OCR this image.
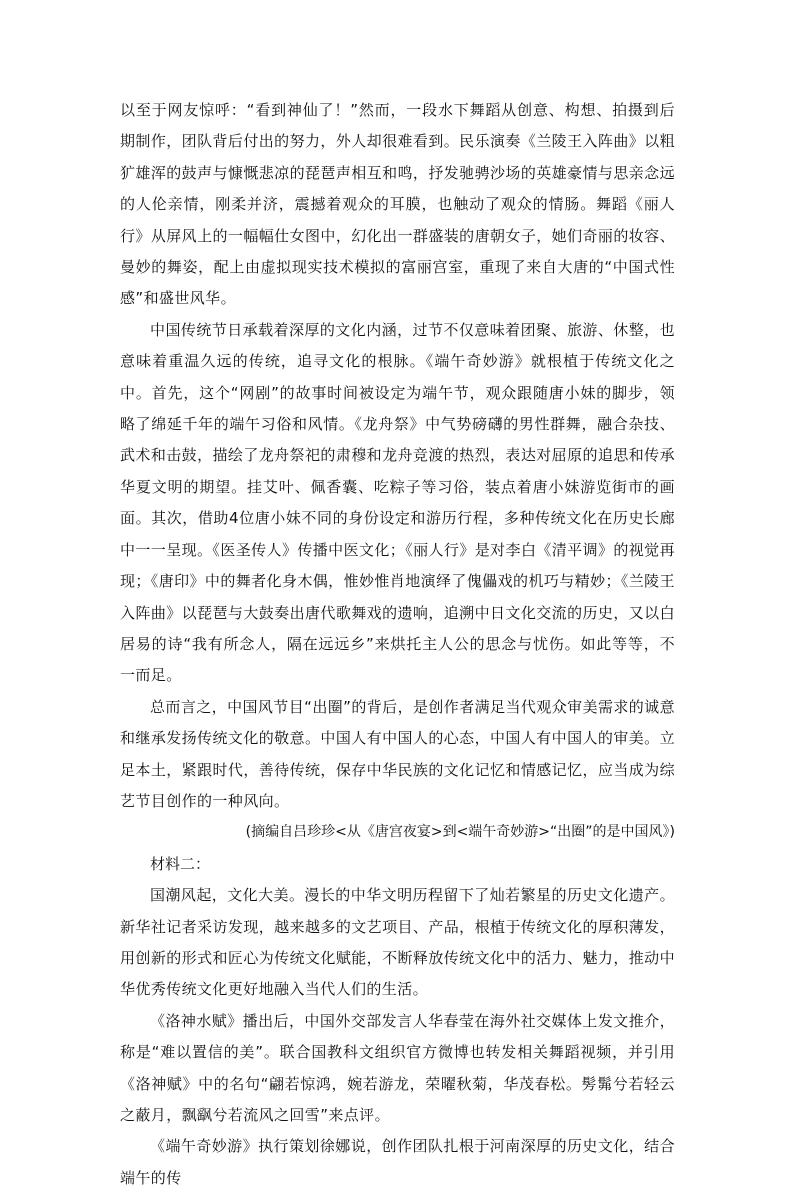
以至于网友惊呼：“看到神仙了！”然而，一段水下舞蹈从创意、构想、拍摄到后期制作，团队背后付出的努力，外人却很难看到。民乐演奏《兰陵王入阵曲》以粗犷雄浑的鼓声与慷慨悲凉的琵琶声相互和鸣，抒发驰骋沙场的英雄豪情与思亲念远的人伦亲情，刚柔并济，震撼着观众的耳膜，也触动了观众的情肠。舞蹈《丽人行》从屏风上的一幅幅仕女图中，幻化出一群盛装的唐朝女子，她们奇丽的妆容、曼妙的舞姿，配上由虚拟现实技术模拟的富丽宫室，重现了来自大唐的“中国式性感”和盛世风华。

中国传统节日承载着深厚的文化内涵，过节不仅意味着团聚、旅游、休整，也意味着重温久远的传统，追寻文化的根脉。《端午奇妙游》就根植于传统文化之中。首先，这个“网剧”的故事时间被设定为端午节，观众跟随唐小妹的脚步，领略了绵延千年的端午习俗和风情。《龙舟祭》中气势磅礴的男性群舞，融合杂技、武术和击鼓，描绘了龙舟祭祀的肃穆和龙舟竞渡的热烈，表达对屈原的追思和传承华夏文明的期望。挂艾叶、佩香囊、吃粽子等习俗，装点着唐小妹游览街市的画面。其次，借助4位唐小妹不同的身份设定和游历行程，多种传统文化在历史长廊中一一呈现。《医圣传人》传播中医文化；《丽人行》是对李白《清平调》的视觉再现；《唐印》中的舞者化身木偶，惟妙惟肖地演绎了傀儡戏的机巧与精妙；《兰陵王入阵曲》以琵琶与大鼓奏出唐代歌舞戏的遗响，追溯中日文化交流的历史，又以白居易的诗“我有所念人，隔在远远乡”来烘托主人公的思念与忧伤。如此等等，不一而足。

总而言之，中国风节目“出圈”的背后，是创作者满足当代观众审美需求的诚意和继承发扬传统文化的敬意。中国人有中国人的心态，中国人有中国人的审美。立足本土，紧跟时代，善待传统，保存中华民族的文化记忆和情感记忆，应当成为综艺节目创作的一种风向。

(摘编自吕珍珍<从《唐宫夜宴>到<端午奇妙游>“出圈”的是中国风》)

材料二：

国潮风起，文化大美。漫长的中华文明历程留下了灿若繁星的历史文化遗产。新华社记者采访发现，越来越多的文艺项目、产品，根植于传统文化的厚积薄发，用创新的形式和匠心为传统文化赋能，不断释放传统文化中的活力、魅力，推动中华优秀传统文化更好地融入当代人们的生活。

《洛神水赋》播出后，中国外交部发言人华春莹在海外社交媒体上发文推介，称是“难以置信的美”。联合国教科文组织官方微博也转发相关舞蹈视频，并引用《洛神赋》中的名句“翩若惊鸿，婉若游龙，荣曜秋菊，华茂春松。髣髴兮若轻云之蔽月，飘飖兮若流风之回雪”来点评。

《端午奇妙游》执行策划徐娜说，创作团队扎根于河南深厚的历史文化，结合端午的传
